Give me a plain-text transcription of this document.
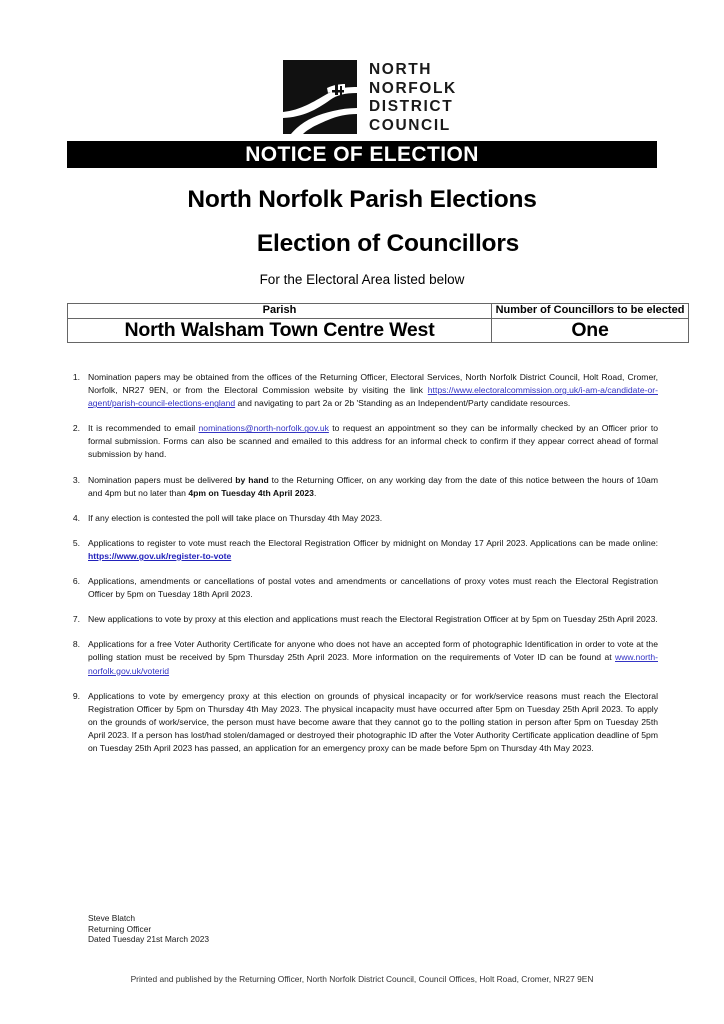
NORTH
NORFOLK
DISTRICT
COUNCIL
NOTICE OF ELECTION
North Norfolk Parish Elections
Election of Councillors
For the Electoral Area listed below
Parish	Number of Councillors to be elected
North Walsham Town Centre West	One
1. Nomination papers may be obtained from the offices of the Returning Officer, Electoral Services, North Norfolk District Council, Holt Road, Cromer, Norfolk, NR27 9EN, or from the Electoral Commission website by visiting the link https://www.electoralcommission.org.uk/i-am-a/candidate-or-agent/parish-council-elections-england and navigating to part 2a or 2b 'Standing as an Independent/Party candidate resources.

2. It is recommended to email nominations@north-norfolk.gov.uk to request an appointment so they can be informally checked by an Officer prior to formal submission. Forms can also be scanned and emailed to this address for an informal check to confirm if they appear correct ahead of formal submission by hand.

3. Nomination papers must be delivered by hand to the Returning Officer, on any working day from the date of this notice between the hours of 10am and 4pm but no later than 4pm on Tuesday 4th April 2023.

4. If any election is contested the poll will take place on Thursday 4th May 2023.

5. Applications to register to vote must reach the Electoral Registration Officer by midnight on Monday 17 April 2023. Applications can be made online: https://www.gov.uk/register-to-vote

6. Applications, amendments or cancellations of postal votes and amendments or cancellations of proxy votes must reach the Electoral Registration Officer by 5pm on Tuesday 18th April 2023.

7. New applications to vote by proxy at this election and applications must reach the Electoral Registration Officer at by 5pm on Tuesday 25th April 2023.

8. Applications for a free Voter Authority Certificate for anyone who does not have an accepted form of photographic Identification in order to vote at the polling station must be received by 5pm Thursday 25th April 2023. More information on the requirements of Voter ID can be found at www.north-norfolk.gov.uk/voterid

9. Applications to vote by emergency proxy at this election on grounds of physical incapacity or for work/service reasons must reach the Electoral Registration Officer by 5pm on Thursday 4th May 2023. The physical incapacity must have occurred after 5pm on Tuesday 25th April 2023. To apply on the grounds of work/service, the person must have become aware that they cannot go to the polling station in person after 5pm on Tuesday 25th April 2023. If a person has lost/had stolen/damaged or destroyed their photographic ID after the Voter Authority Certificate application deadline of 5pm on Tuesday 25th April 2023 has passed, an application for an emergency proxy can be made before 5pm on Thursday 4th May 2023.

Steve Blatch
Returning Officer
Dated Tuesday 21st March 2023
Printed and published by the Returning Officer, North Norfolk District Council, Council Offices, Holt Road, Cromer, NR27 9EN
